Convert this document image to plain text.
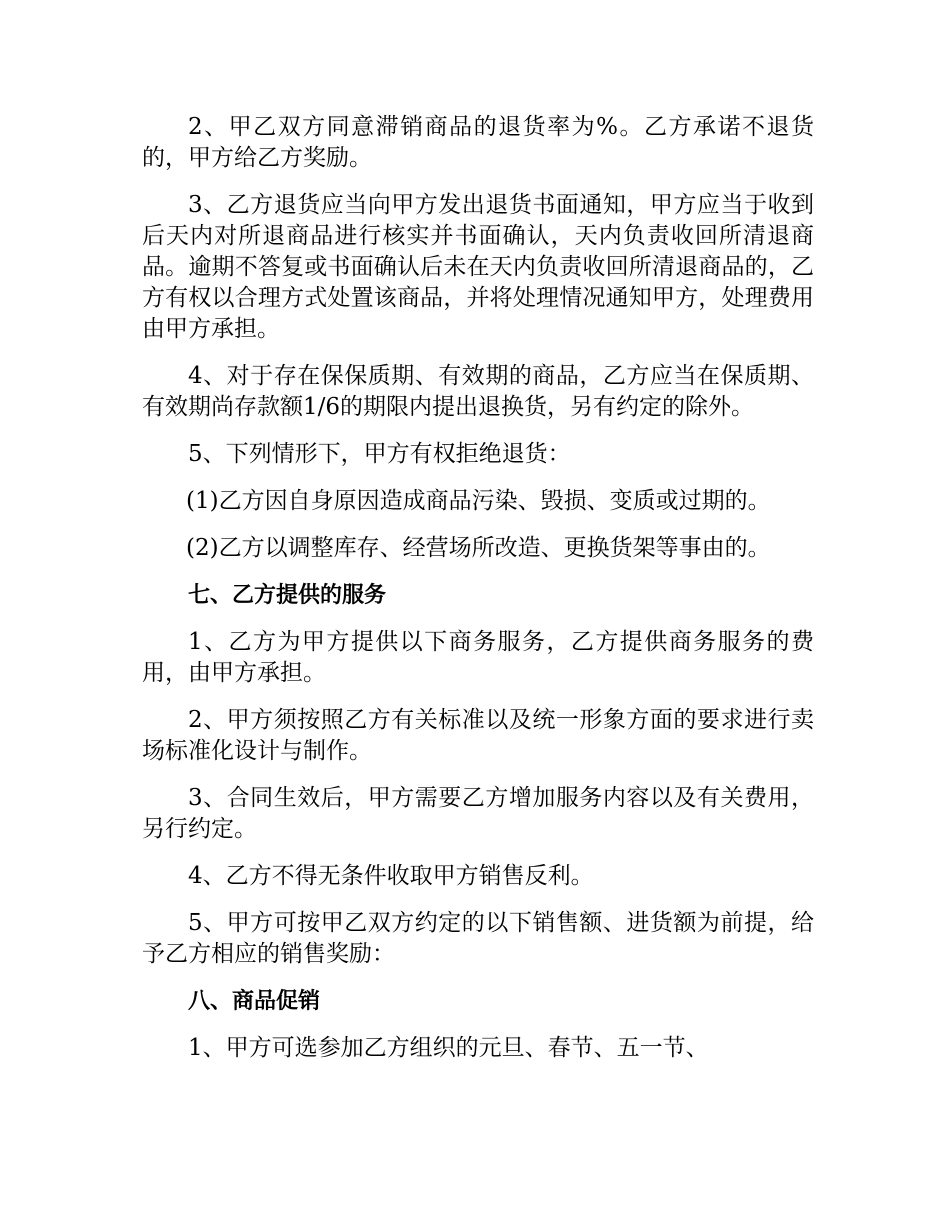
2、甲乙双方同意滞销商品的退货率为%。乙方承诺不退货的，甲方给乙方奖励。

3、乙方退货应当向甲方发出退货书面通知，甲方应当于收到后天内对所退商品进行核实并书面确认，天内负责收回所清退商品。逾期不答复或书面确认后未在天内负责收回所清退商品的，乙方有权以合理方式处置该商品，并将处理情况通知甲方，处理费用由甲方承担。

4、对于存在保保质期、有效期的商品，乙方应当在保质期、有效期尚存款额1/6的期限内提出退换货，另有约定的除外。

5、下列情形下，甲方有权拒绝退货：

(1)乙方因自身原因造成商品污染、毁损、变质或过期的。

(2)乙方以调整库存、经营场所改造、更换货架等事由的。

七、乙方提供的服务

1、乙方为甲方提供以下商务服务，乙方提供商务服务的费用，由甲方承担。

2、甲方须按照乙方有关标准以及统一形象方面的要求进行卖场标准化设计与制作。

3、合同生效后，甲方需要乙方增加服务内容以及有关费用，另行约定。

4、乙方不得无条件收取甲方销售反利。

5、甲方可按甲乙双方约定的以下销售额、进货额为前提，给予乙方相应的销售奖励：

八、商品促销

1、甲方可选参加乙方组织的元旦、春节、五一节、
